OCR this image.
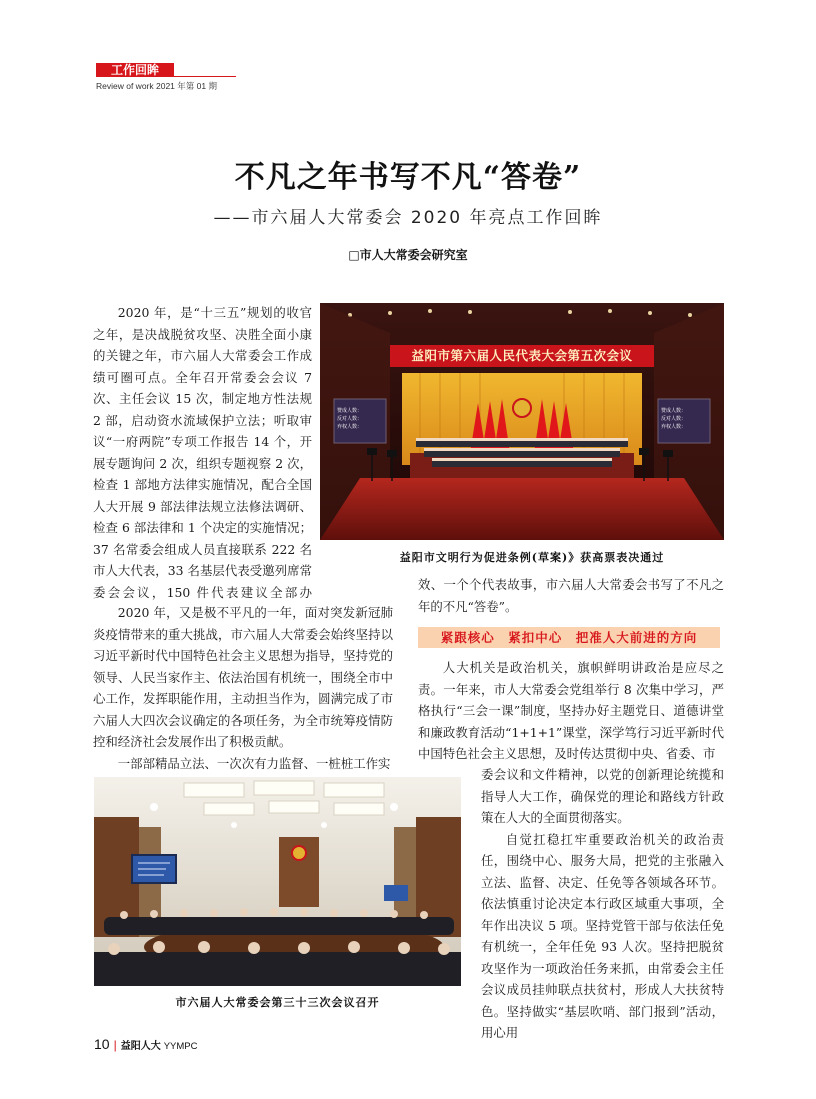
工作回眸
Review of work 2021 年第 01 期
不凡之年书写不凡“答卷”
——市六届人大常委会 2020 年亮点工作回眸
□市人大常委会研究室

2020 年，是“十三五”规划的收官之年，是决战脱贫攻坚、决胜全面小康的关键之年，市六届人大常委会工作成绩可圈可点。全年召开常委会会议 7 次、主任会议 15 次，制定地方性法规 2 部，启动资水流域保护立法；听取审议“一府两院”专项工作报告 14 个，开展专题询问 2 次，组织专题视察 2 次，检查 1 部地方法律实施情况，配合全国人大开展 9 部法律法规立法修法调研、检查 6 部法律和 1 个决定的实施情况；37 名常委会组成人员直接联系 222 名市人大代表，33 名基层代表受邀列席常委会会议，150 件代表建议全部办

益阳市第六届人民代表大会第五次会议
赞成人数：
反对人数：
弃权人数：
赞成人数：
反对人数：
弃权人数：
益阳市文明行为促进条例(草案)》获高票表决通过

2020 年，又是极不平凡的一年，面对突发新冠肺炎疫情带来的重大挑战，市六届人大常委会始终坚持以习近平新时代中国特色社会主义思想为指导，坚持党的领导、人民当家作主、依法治国有机统一，围绕全市中心工作，发挥职能作用，主动担当作为，圆满完成了市六届人大四次会议确定的各项任务，为全市统筹疫情防控和经济社会发展作出了积极贡献。

一部部精品立法、一次次有力监督、一桩桩工作实

效、一个个代表故事，市六届人大常委会书写了不凡之年的不凡“答卷”。

紧跟核心　紧扣中心　把准人大前进的方向

人大机关是政治机关，旗帜鲜明讲政治是应尽之责。一年来，市人大常委会党组举行 8 次集中学习，严格执行“三会一课”制度，坚持办好主题党日、道德讲堂和廉政教育活动“1+1+1”课堂，深学笃行习近平新时代中国特色社会主义思想，及时传达贯彻中央、省委、市

委会议和文件精神，以党的创新理论统揽和指导人大工作，确保党的理论和路线方针政策在人大的全面贯彻落实。

自觉扛稳扛牢重要政治机关的政治责任，围绕中心、服务大局，把党的主张融入立法、监督、决定、任免等各领域各环节。依法慎重讨论决定本行政区域重大事项，全年作出决议 5 项。坚持党管干部与依法任免有机统一，全年任免 93 人次。坚持把脱贫攻坚作为一项政治任务来抓，由常委会主任会议成员挂帅联点扶贫村，形成人大扶贫特色。坚持做实“基层吹哨、部门报到”活动，用心用

市六届人大常委会第三十三次会议召开
10 | 益阳人大 YYMPC
